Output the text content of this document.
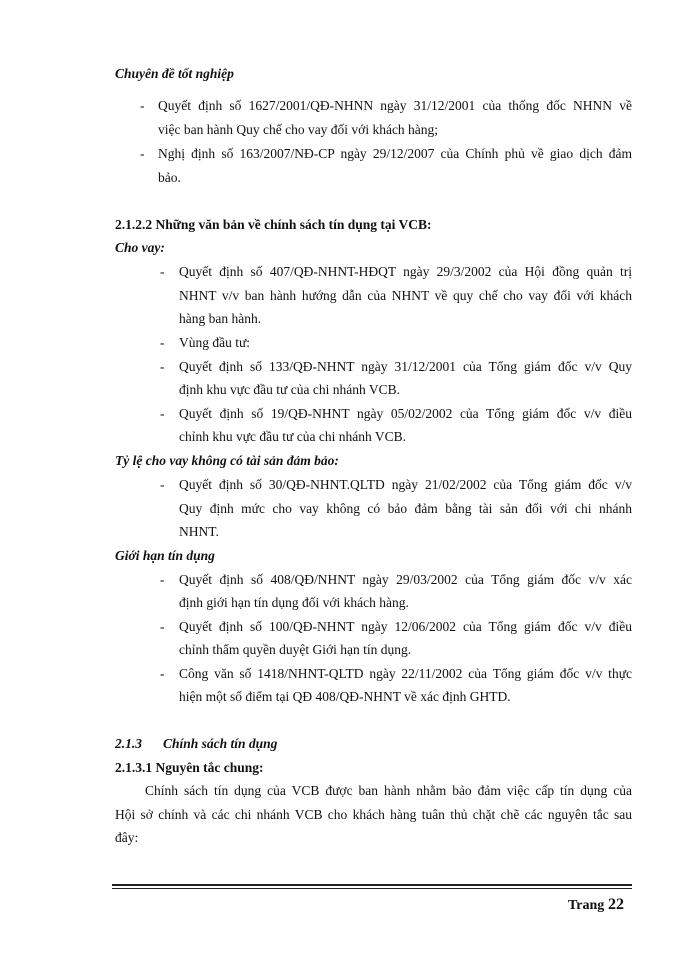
Chuyên đề tốt nghiệp
- Quyết định số 1627/2001/QĐ-NHNN ngày 31/12/2001 của thống đốc NHNN về
việc ban hành Quy chế cho vay đối với khách hàng;
- Nghị định số 163/2007/NĐ-CP ngày 29/12/2007 của Chính phủ về giao dịch đảm
bảo.
2.1.2.2 Những văn bản về chính sách tín dụng tại VCB:
Cho vay:
- Quyết định số 407/QĐ-NHNT-HĐQT ngày 29/3/2002 của Hội đồng quản trị
NHNT v/v ban hành hướng dẫn của NHNT về quy chế cho vay đối với khách
hàng ban hành.
- Vùng đầu tư:
- Quyết định số 133/QĐ-NHNT ngày 31/12/2001 của Tổng giám đốc v/v Quy
định khu vực đầu tư của chi nhánh VCB.
- Quyết định số 19/QĐ-NHNT ngày 05/02/2002 của Tổng giám đốc v/v điều
chỉnh khu vực đầu tư của chi nhánh VCB.
Tỷ lệ cho vay không có tài sản đảm bảo:
- Quyết định số 30/QĐ-NHNT.QLTD ngày 21/02/2002 của Tổng giám đốc v/v
Quy định mức cho vay không có bảo đảm bằng tài sản đối với chi nhánh
NHNT.
Giới hạn tín dụng
- Quyết định số 408/QĐ/NHNT ngày 29/03/2002 của Tổng giám đốc v/v xác
định giới hạn tín dụng đối với khách hàng.
- Quyết định số 100/QĐ-NHNT ngày 12/06/2002 của Tổng giám đốc v/v điều
chỉnh thẩm quyền duyệt Giới hạn tín dụng.
- Công văn số 1418/NHNT-QLTD ngày 22/11/2002 của Tổng giám đốc v/v thực
hiện một số điểm tại QĐ 408/QĐ-NHNT về xác định GHTD.
2.1.3 Chính sách tín dụng
2.1.3.1 Nguyên tắc chung:
Chính sách tín dụng của VCB được ban hành nhằm bảo đảm việc cấp tín dụng của
Hội sở chính và các chi nhánh VCB cho khách hàng tuân thủ chặt chẽ các nguyên tắc sau
đây:
Trang 22
